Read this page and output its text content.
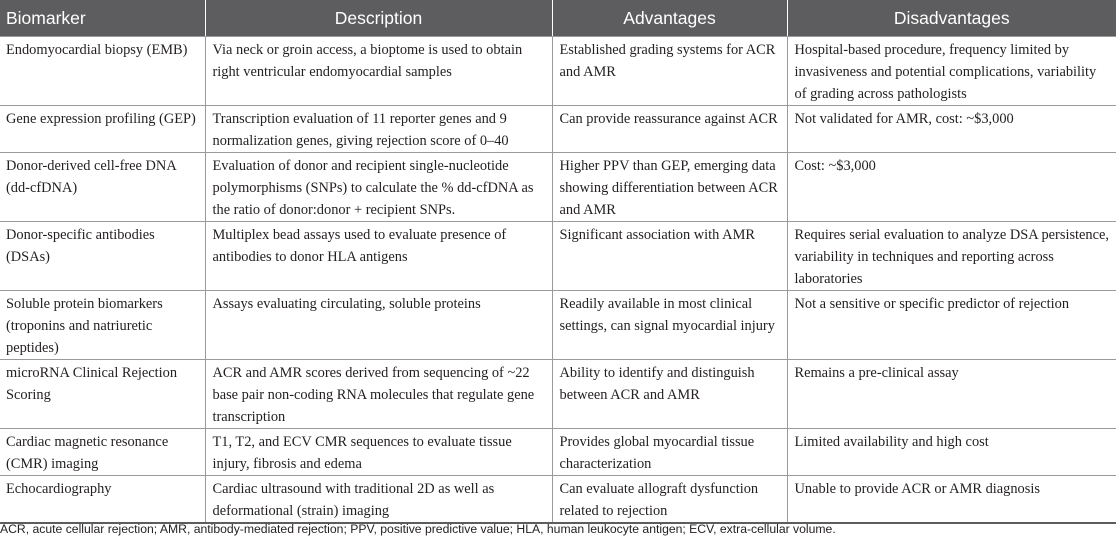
Biomarker	Description	Advantages	Disadvantages
Endomyocardial biopsy (EMB)	Via neck or groin access, a bioptome is used to obtain right ventricular endomyocardial samples	Established grading systems for ACR and AMR	Hospital-based procedure, frequency limited by invasiveness and potential complications, variability of grading across pathologists
Gene expression profiling (GEP)	Transcription evaluation of 11 reporter genes and 9 normalization genes, giving rejection score of 0–40	Can provide reassurance against ACR	Not validated for AMR, cost: ~$3,000
Donor-derived cell-free DNA (dd-cfDNA)	Evaluation of donor and recipient single-nucleotide polymorphisms (SNPs) to calculate the % dd-cfDNA as the ratio of donor:donor + recipient SNPs.	Higher PPV than GEP, emerging data showing differentiation between ACR and AMR	Cost: ~$3,000
Donor-specific antibodies (DSAs)	Multiplex bead assays used to evaluate presence of antibodies to donor HLA antigens	Significant association with AMR	Requires serial evaluation to analyze DSA persistence, variability in techniques and reporting across laboratories
Soluble protein biomarkers (troponins and natriuretic peptides)	Assays evaluating circulating, soluble proteins	Readily available in most clinical settings, can signal myocardial injury	Not a sensitive or specific predictor of rejection
microRNA Clinical Rejection Scoring	ACR and AMR scores derived from sequencing of ~22 base pair non-coding RNA molecules that regulate gene transcription	Ability to identify and distinguish between ACR and AMR	Remains a pre-clinical assay
Cardiac magnetic resonance (CMR) imaging	T1, T2, and ECV CMR sequences to evaluate tissue injury, fibrosis and edema	Provides global myocardial tissue characterization	Limited availability and high cost
Echocardiography	Cardiac ultrasound with traditional 2D as well as deformational (strain) imaging	Can evaluate allograft dysfunction related to rejection	Unable to provide ACR or AMR diagnosis
ACR, acute cellular rejection; AMR, antibody-mediated rejection; PPV, positive predictive value; HLA, human leukocyte antigen; ECV, extra-cellular volume.
